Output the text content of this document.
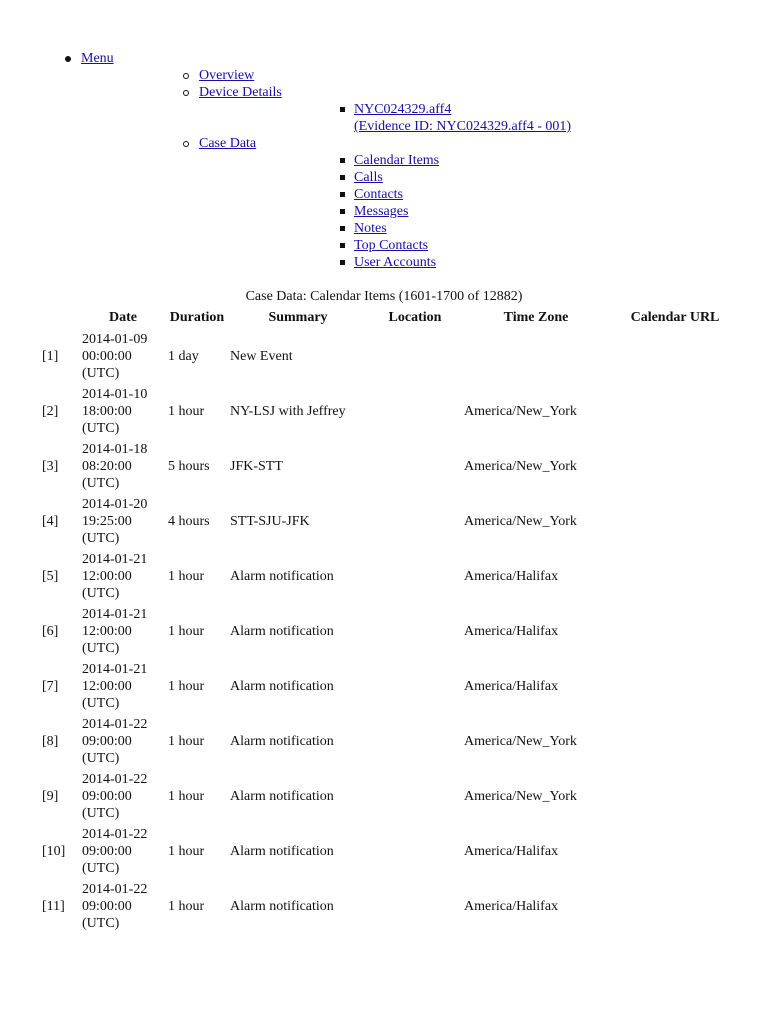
Menu
Overview
Device Details
NYC024329.aff4
(Evidence ID: NYC024329.aff4 - 001)
Case Data
Calendar Items
Calls
Contacts
Messages
Notes
Top Contacts
User Accounts
Case Data: Calendar Items (1601-1700 of 12882)
	Date	Duration	Summary	Location	Time Zone	Calendar URL
[1]	2014-01-09
00:00:00
(UTC)	1 day	New Event			
[2]	2014-01-10
18:00:00
(UTC)	1 hour	NY-LSJ with Jeffrey		America/New_York	
[3]	2014-01-18
08:20:00
(UTC)	5 hours	JFK-STT		America/New_York	
[4]	2014-01-20
19:25:00
(UTC)	4 hours	STT-SJU-JFK		America/New_York	
[5]	2014-01-21
12:00:00
(UTC)	1 hour	Alarm notification		America/Halifax	
[6]	2014-01-21
12:00:00
(UTC)	1 hour	Alarm notification		America/Halifax	
[7]	2014-01-21
12:00:00
(UTC)	1 hour	Alarm notification		America/Halifax	
[8]	2014-01-22
09:00:00
(UTC)	1 hour	Alarm notification		America/New_York	
[9]	2014-01-22
09:00:00
(UTC)	1 hour	Alarm notification		America/New_York	
[10]	2014-01-22
09:00:00
(UTC)	1 hour	Alarm notification		America/Halifax	
[11]	2014-01-22
09:00:00
(UTC)	1 hour	Alarm notification		America/Halifax	
